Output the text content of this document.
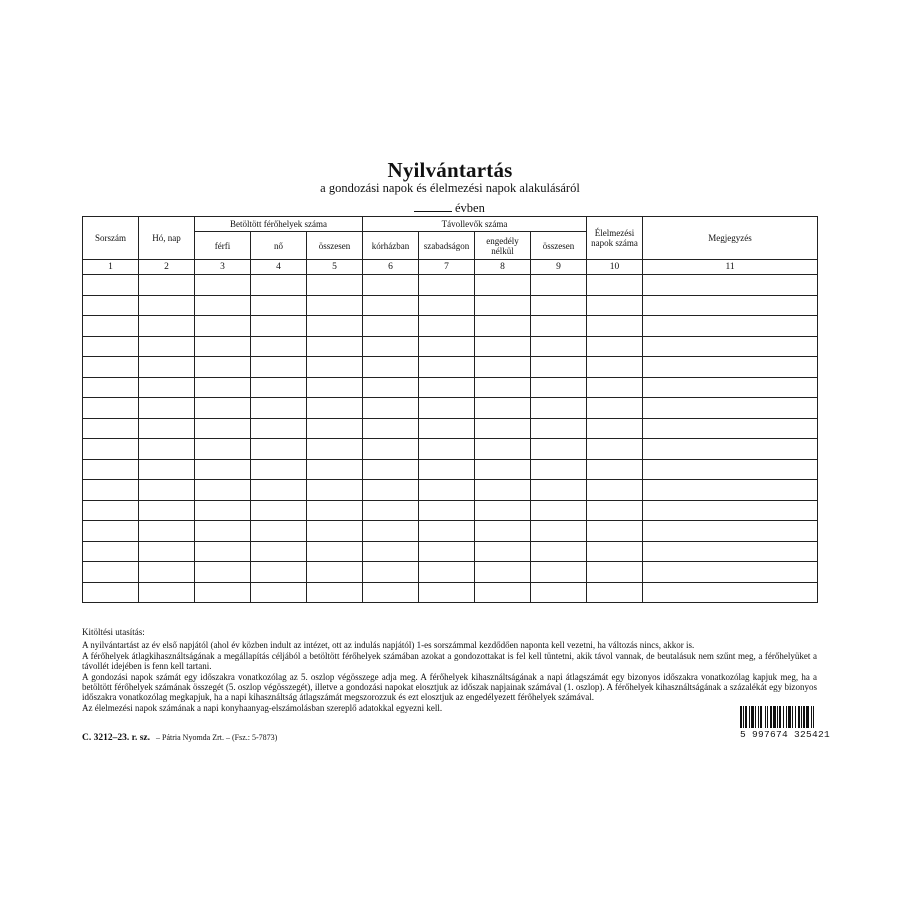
Nyilvántartás
a gondozási napok és élelmezési napok alakulásáról
évben
Sorszám	Hó, nap	Betöltött férőhelyek száma			Távollevők száma				Élelmezési napok száma	Megjegyzés
		férfi	nő	összesen	kórházban	szabadságon	engedély nélkül	összesen		
1	2	3	4	5	6	7	8	9	10	11

Kitöltési utasítás:

A nyilvántartást az év első napjától (ahol év közben indult az intézet, ott az indulás napjától) 1-es sorszámmal kezdődően naponta kell vezetni, ha változás nincs, akkor is.

A férőhelyek átlagkihasználtságának a megállapítás céljából a betöltött férőhelyek számában azokat a gondozottakat is fel kell tüntetni, akik távol vannak, de beutalásuk nem szűnt meg, a férőhelyüket a távollét idejében is fenn kell tartani.

A gondozási napok számát egy időszakra vonatkozólag az 5. oszlop végösszege adja meg. A férőhelyek kihasználtságának a napi átlagszámát egy bizonyos időszakra vonatkozólag kapjuk meg, ha a betöltött férőhelyek számának összegét (5. oszlop végösszegét), illetve a gondozási napokat elosztjuk az időszak napjainak számával (1. oszlop). A férőhelyek kihasználtságának a százalékát egy bizonyos időszakra vonatkozólag megkapjuk, ha a napi kihasználtság átlagszámát megszorozzuk és ezt elosztjuk az engedélyezett férőhelyek számával.

Az élelmezési napok számának a napi konyhaanyag-elszámolásban szereplő adatokkal egyezni kell.

C. 3212–23. r. sz. – Pátria Nyomda Zrt. – (Fsz.: 5-7873)	5 997674 325421
